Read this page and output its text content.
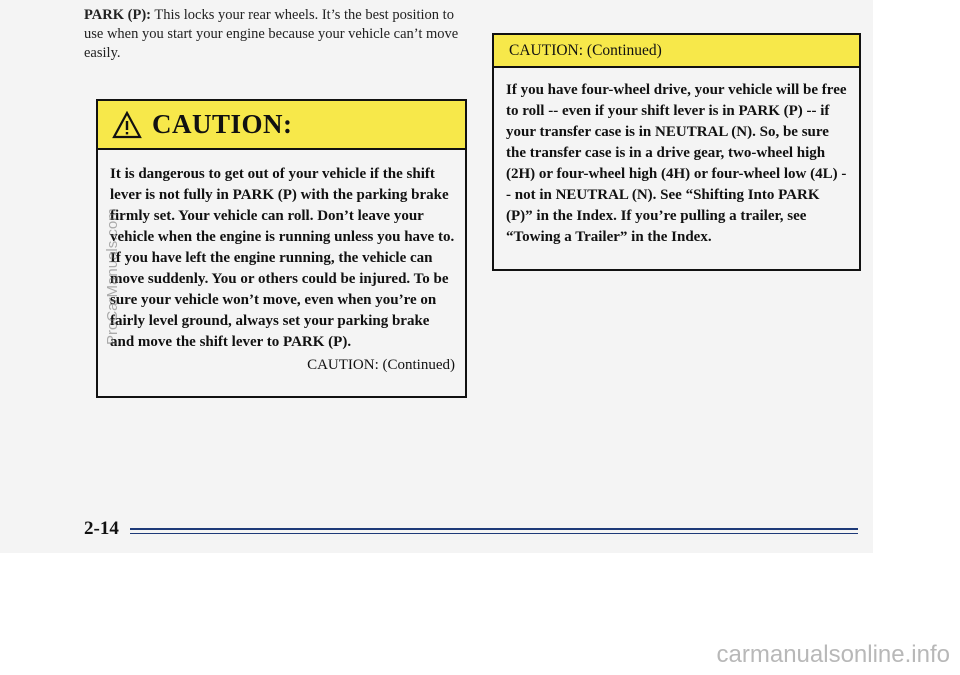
PARK (P): This locks your rear wheels. It’s the best position to use when you start your engine because your vehicle can’t move easily.
CAUTION:
It is dangerous to get out of your vehicle if the shift lever is not fully in PARK (P) with the parking brake firmly set. Your vehicle can roll. Don’t leave your vehicle when the engine is running unless you have to. If you have left the engine running, the vehicle can move suddenly. You or others could be injured. To be sure your vehicle won’t move, even when you’re on fairly level ground, always set your parking brake and move the shift lever to PARK (P).
CAUTION: (Continued)
CAUTION: (Continued)
If you have four-wheel drive, your vehicle will be free to roll -- even if your shift lever is in PARK (P) -- if your transfer case is in NEUTRAL (N). So, be sure the transfer case is in a drive gear, two-wheel high (2H) or four-wheel high (4H) or four-wheel low (4L) -- not in NEUTRAL (N). See “Shifting Into PARK (P)” in the Index. If you’re pulling a trailer, see “Towing a Trailer” in the Index.
2-14
ProCarManuals.com
carmanualsonline.info
